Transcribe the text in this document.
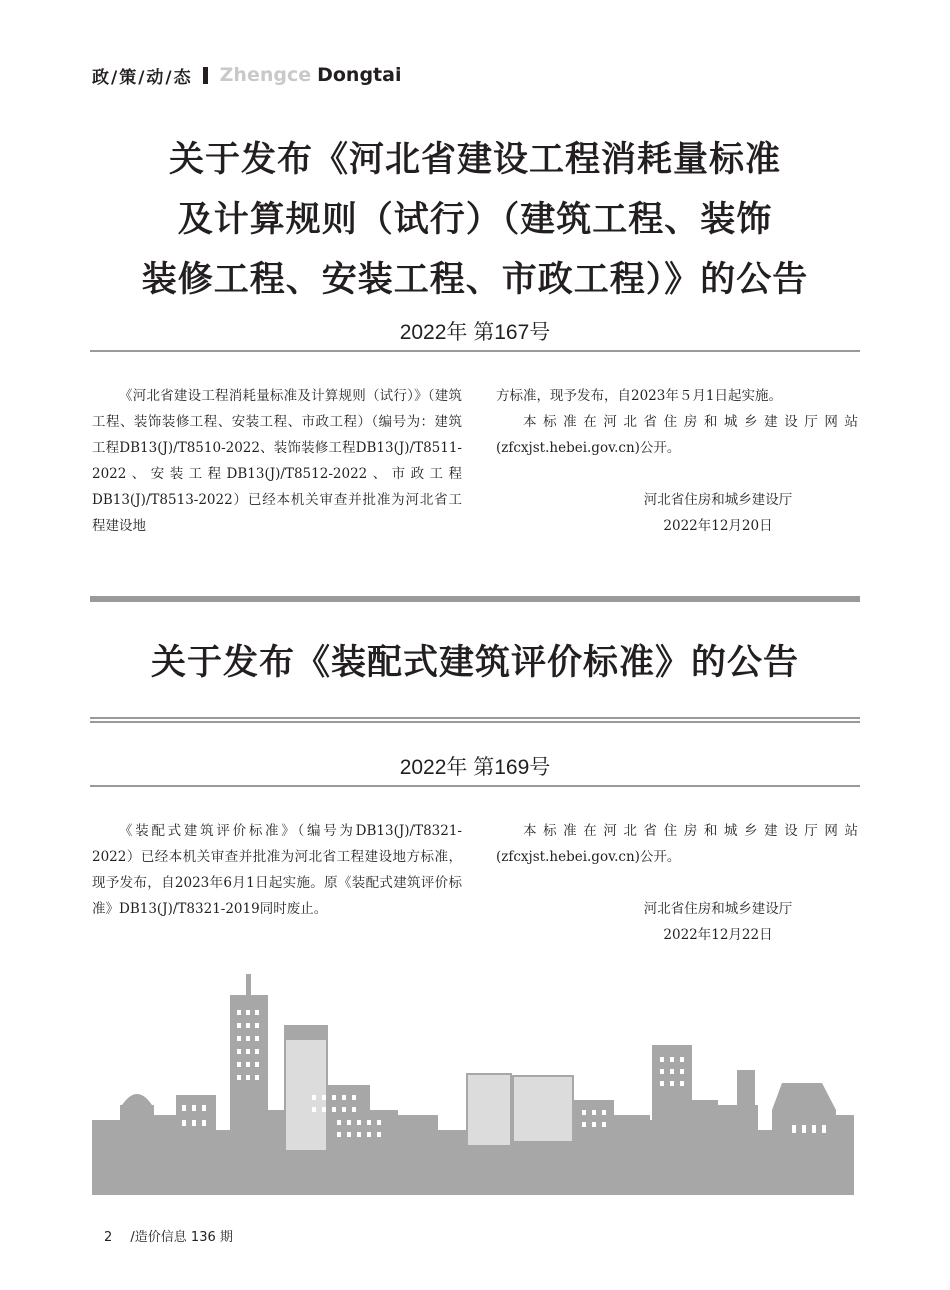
政/策/动/态 Zhengce Dongtai
关于发布《河北省建设工程消耗量标准
及计算规则（试行）（建筑工程、装饰
装修工程、安装工程、市政工程）》的公告
2022年 第167号

《河北省建设工程消耗量标准及计算规则（试行）》（建筑工程、装饰装修工程、安装工程、市政工程）（编号为：建筑工程DB13(J)/T8510-2022、装饰装修工程DB13(J)/T8511-2022、安装工程DB13(J)/T8512-2022、市政工程DB13(J)/T8513-2022）已经本机关审查并批准为河北省工程建设地

方标准，现予发布，自2023年５月1日起实施。

本标准在河北省住房和城乡建设厅网站(zfcxjst.hebei.gov.cn)公开。

河北省住房和城乡建设厅
2022年12月20日
关于发布《装配式建筑评价标准》的公告
2022年 第169号

《装配式建筑评价标准》（编号为DB13(J)/T8321-2022）已经本机关审查并批准为河北省工程建设地方标准，现予发布，自2023年6月1日起实施。原《装配式建筑评价标准》DB13(J)/T8321-2019同时废止。

本标准在河北省住房和城乡建设厅网站(zfcxjst.hebei.gov.cn)公开。

河北省住房和城乡建设厅
2022年12月22日
2 /造价信息 136 期
